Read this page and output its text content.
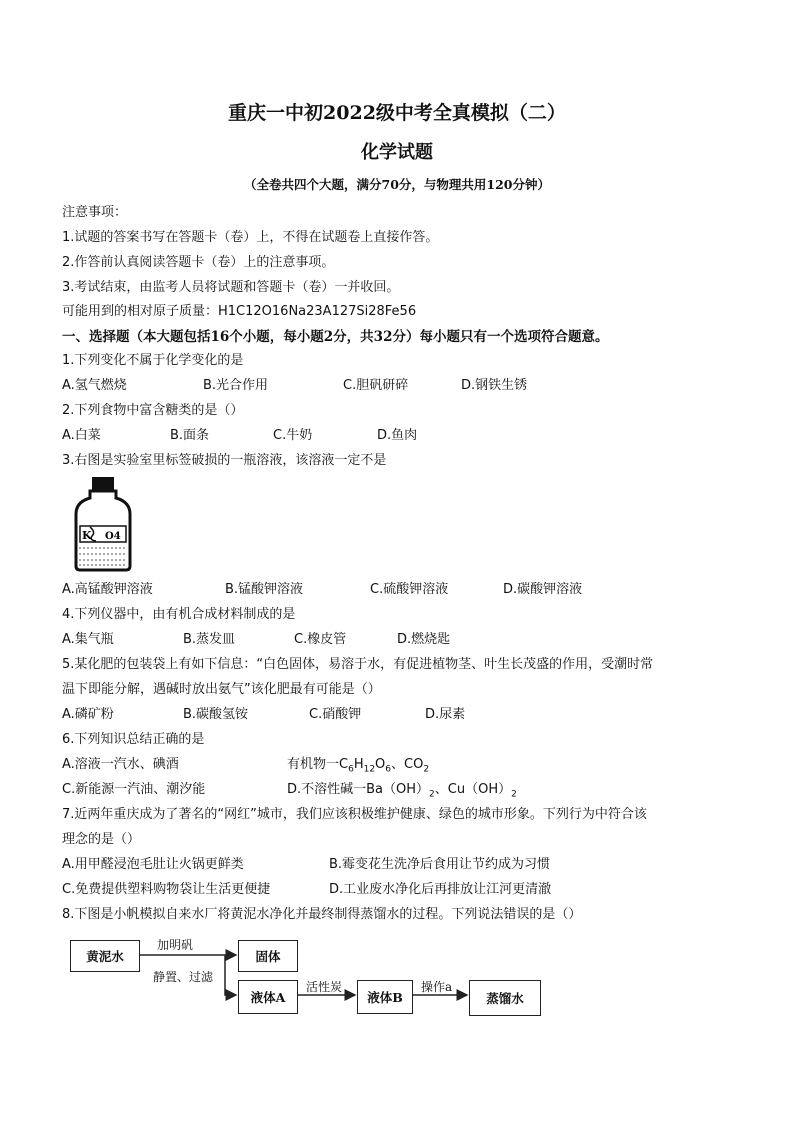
重庆一中初2022级中考全真模拟（二）
化学试题
（全卷共四个大题，满分70分，与物理共用120分钟）
注意事项：
1.试题的答案书写在答题卡（卷）上，不得在试题卷上直接作答。
2.作答前认真阅读答题卡（卷）上的注意事项。
3.考试结束，由监考人员将试题和答题卡（卷）一并收回。
可能用到的相对原子质量：H1C12O16Na23A127Si28Fe56
一、选择题（本大题包括16个小题，每小题2分，共32分）每小题只有一个选项符合题意。
1.下列变化不属于化学变化的是
A.氢气燃烧	B.光合作用	C.胆矾研碎	D.钢铁生锈
2.下列食物中富含糖类的是（）
A.白菜	B.面条	C.牛奶	D.鱼肉
3.右图是实验室里标签破损的一瓶溶液，该溶液一定不是
K O4
A.高锰酸钾溶液	B.锰酸钾溶液	C.硫酸钾溶液	D.碳酸钾溶液
4.下列仪器中，由有机合成材料制成的是
A.集气瓶	B.蒸发皿	C.橡皮管	D.燃烧匙
5.某化肥的包装袋上有如下信息：“白色固体，易溶于水，有促进植物茎、叶生长茂盛的作用，受潮时常
温下即能分解，遇碱时放出氨气”该化肥最有可能是（）
A.磷矿粉	B.碳酸氢铵	C.硝酸钾	D.尿素
6.下列知识总结正确的是
A.溶液一汽水、碘酒	有机物一$C_6H_{12}O_6$、$CO_2$
C.新能源一汽油、潮汐能	D.不溶性碱一$Ba(OH)_2$、$Cu(OH)_2$
7.近两年重庆成为了著名的“网红”城市，我们应该积极维护健康、绿色的城市形象。下列行为中符合该
理念的是（）
A.用甲醛浸泡毛肚让火锅更鲜类	B.霉变花生洗净后食用让节约成为习惯
C.免费提供塑料购物袋让生活更便捷	D.工业废水净化后再排放让江河更清澈
8.下图是小帆模拟自来水厂将黄泥水净化并最终制得蒸馏水的过程。下列说法错误的是（）
黄泥水
加明矾
静置、过滤
固体
液体A
活性炭
液体B
操作a
蒸馏水
